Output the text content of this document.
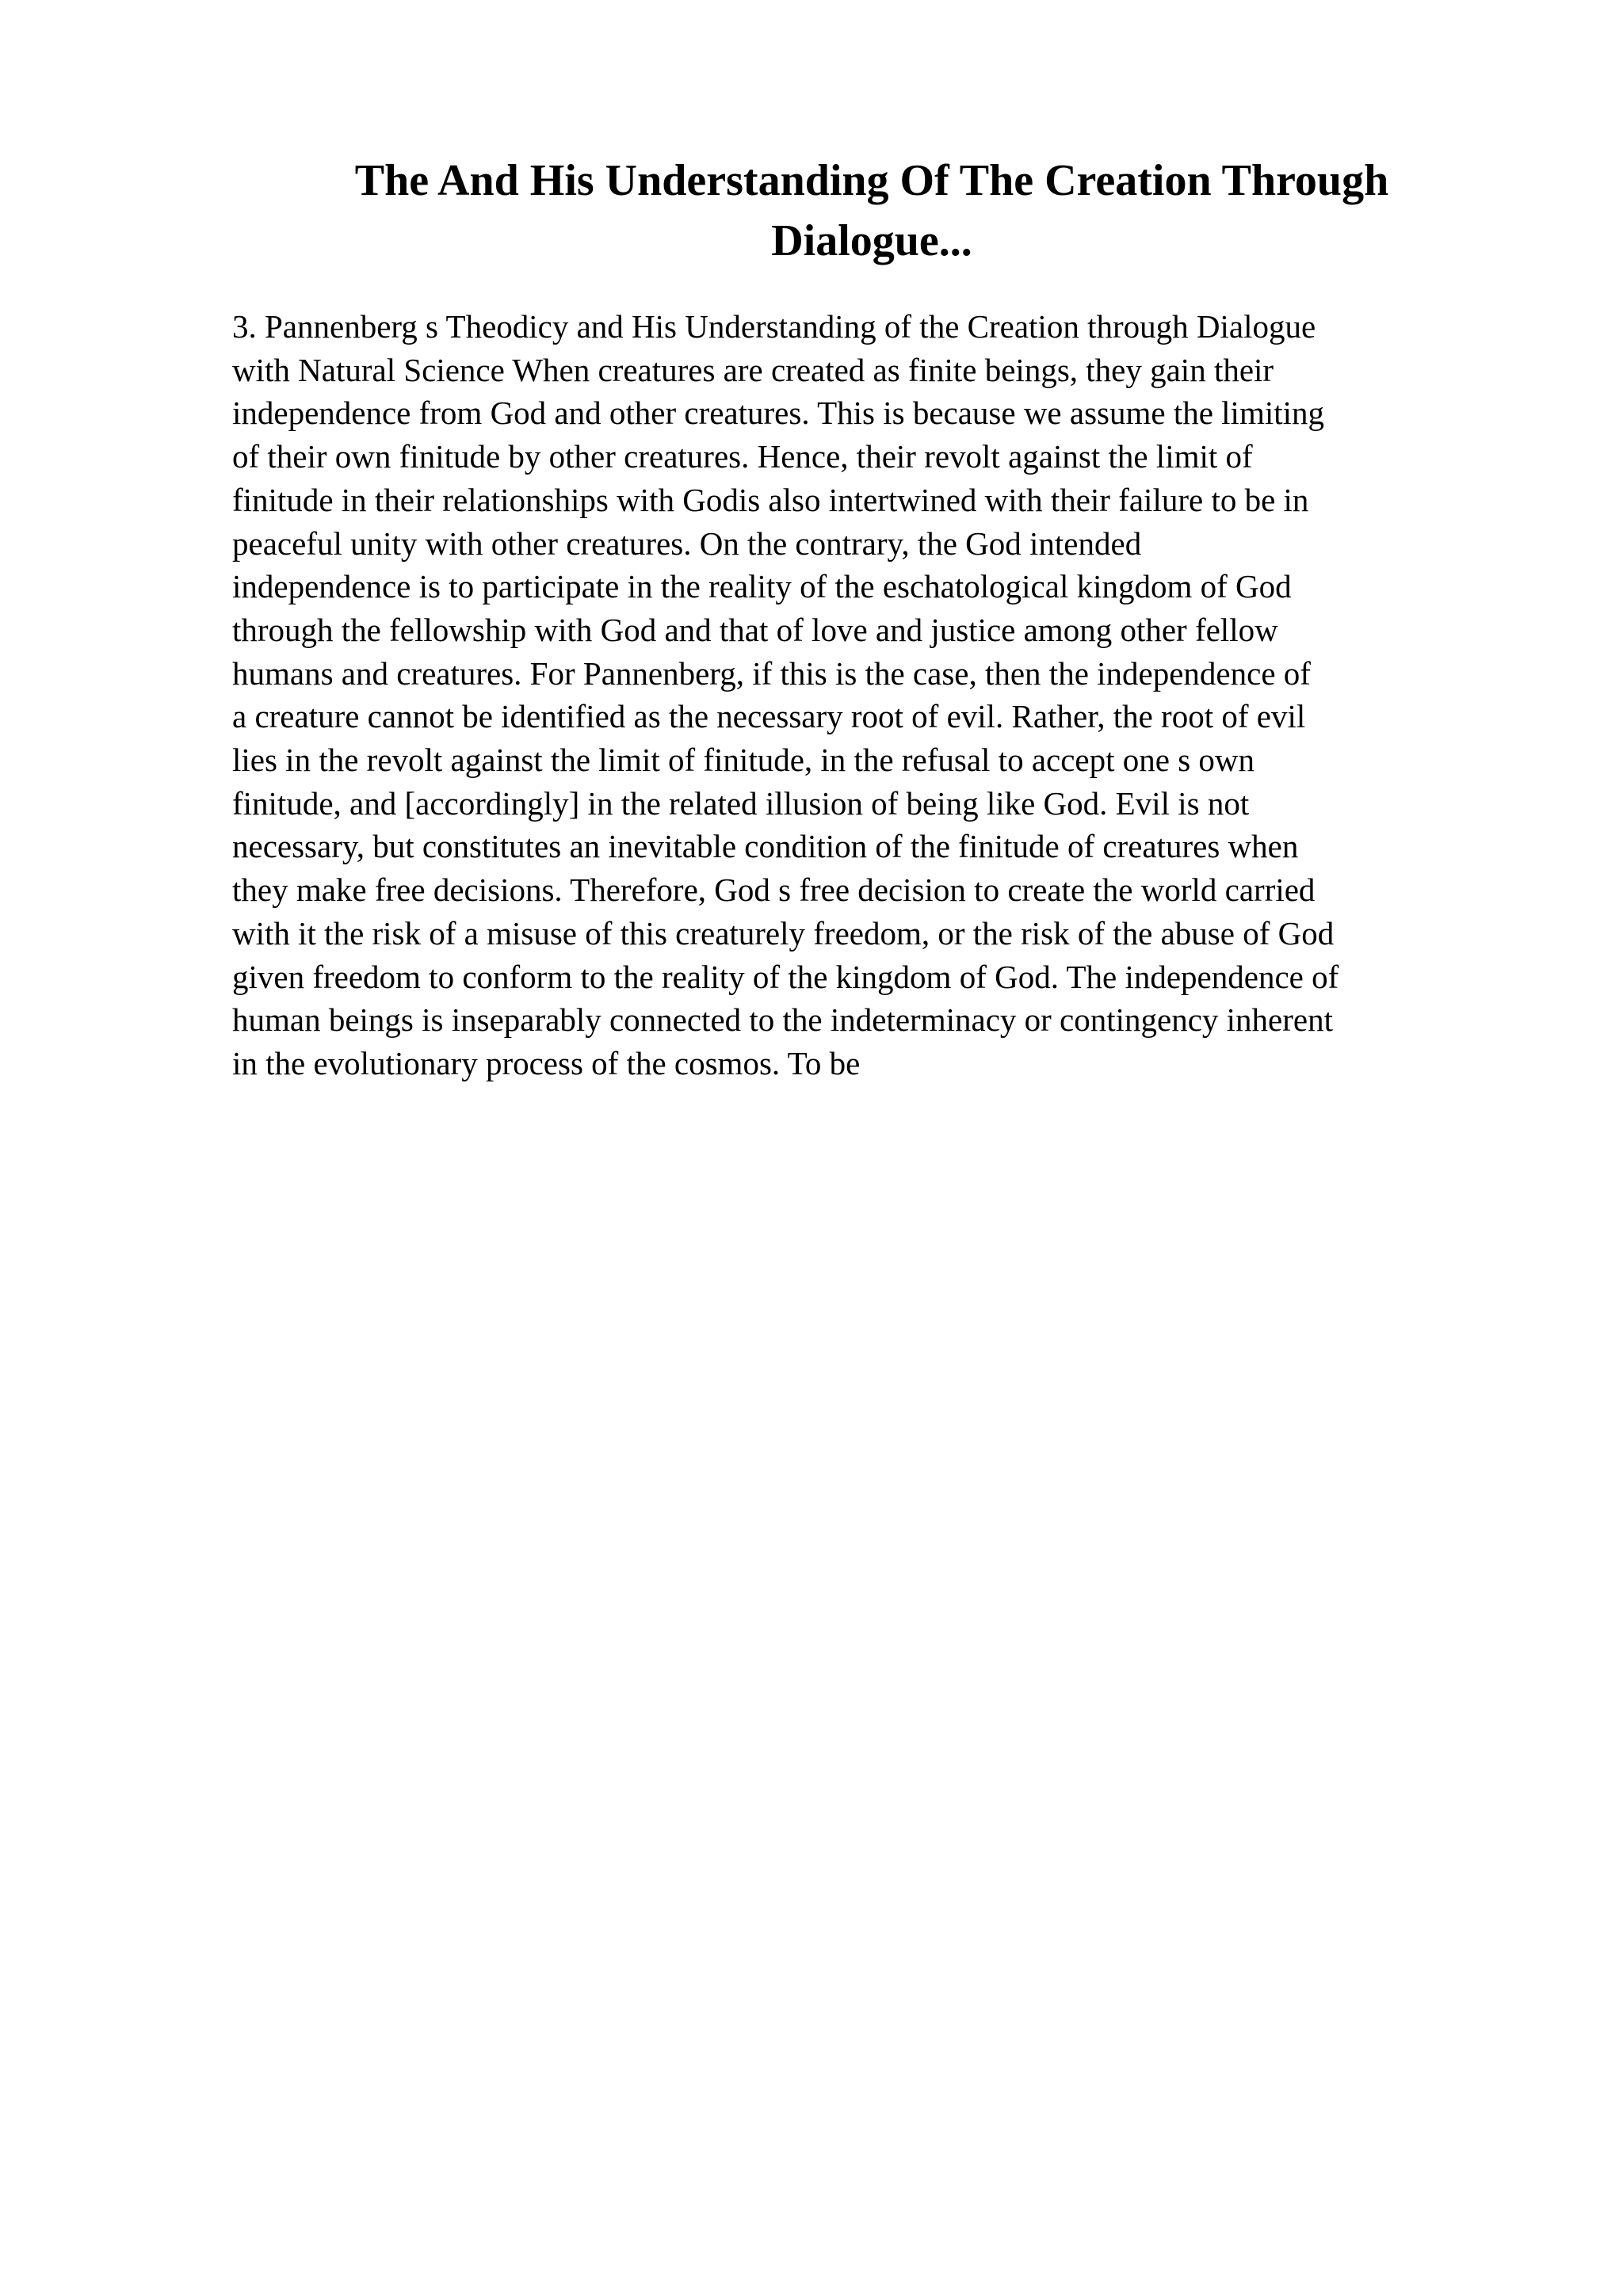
The And His Understanding Of The Creation Through
Dialogue...
3. Pannenberg s Theodicy and His Understanding of the Creation through Dialogue
with Natural Science When creatures are created as finite beings, they gain their
independence from God and other creatures. This is because we assume the limiting
of their own finitude by other creatures. Hence, their revolt against the limit of
finitude in their relationships with Godis also intertwined with their failure to be in
peaceful unity with other creatures. On the contrary, the God intended
independence is to participate in the reality of the eschatological kingdom of God
through the fellowship with God and that of love and justice among other fellow
humans and creatures. For Pannenberg, if this is the case, then the independence of
a creature cannot be identified as the necessary root of evil. Rather, the root of evil
lies in the revolt against the limit of finitude, in the refusal to accept one s own
finitude, and [accordingly] in the related illusion of being like God. Evil is not
necessary, but constitutes an inevitable condition of the finitude of creatures when
they make free decisions. Therefore, God s free decision to create the world carried
with it the risk of a misuse of this creaturely freedom, or the risk of the abuse of God
given freedom to conform to the reality of the kingdom of God. The independence of
human beings is inseparably connected to the indeterminacy or contingency inherent
in the evolutionary process of the cosmos. To be
